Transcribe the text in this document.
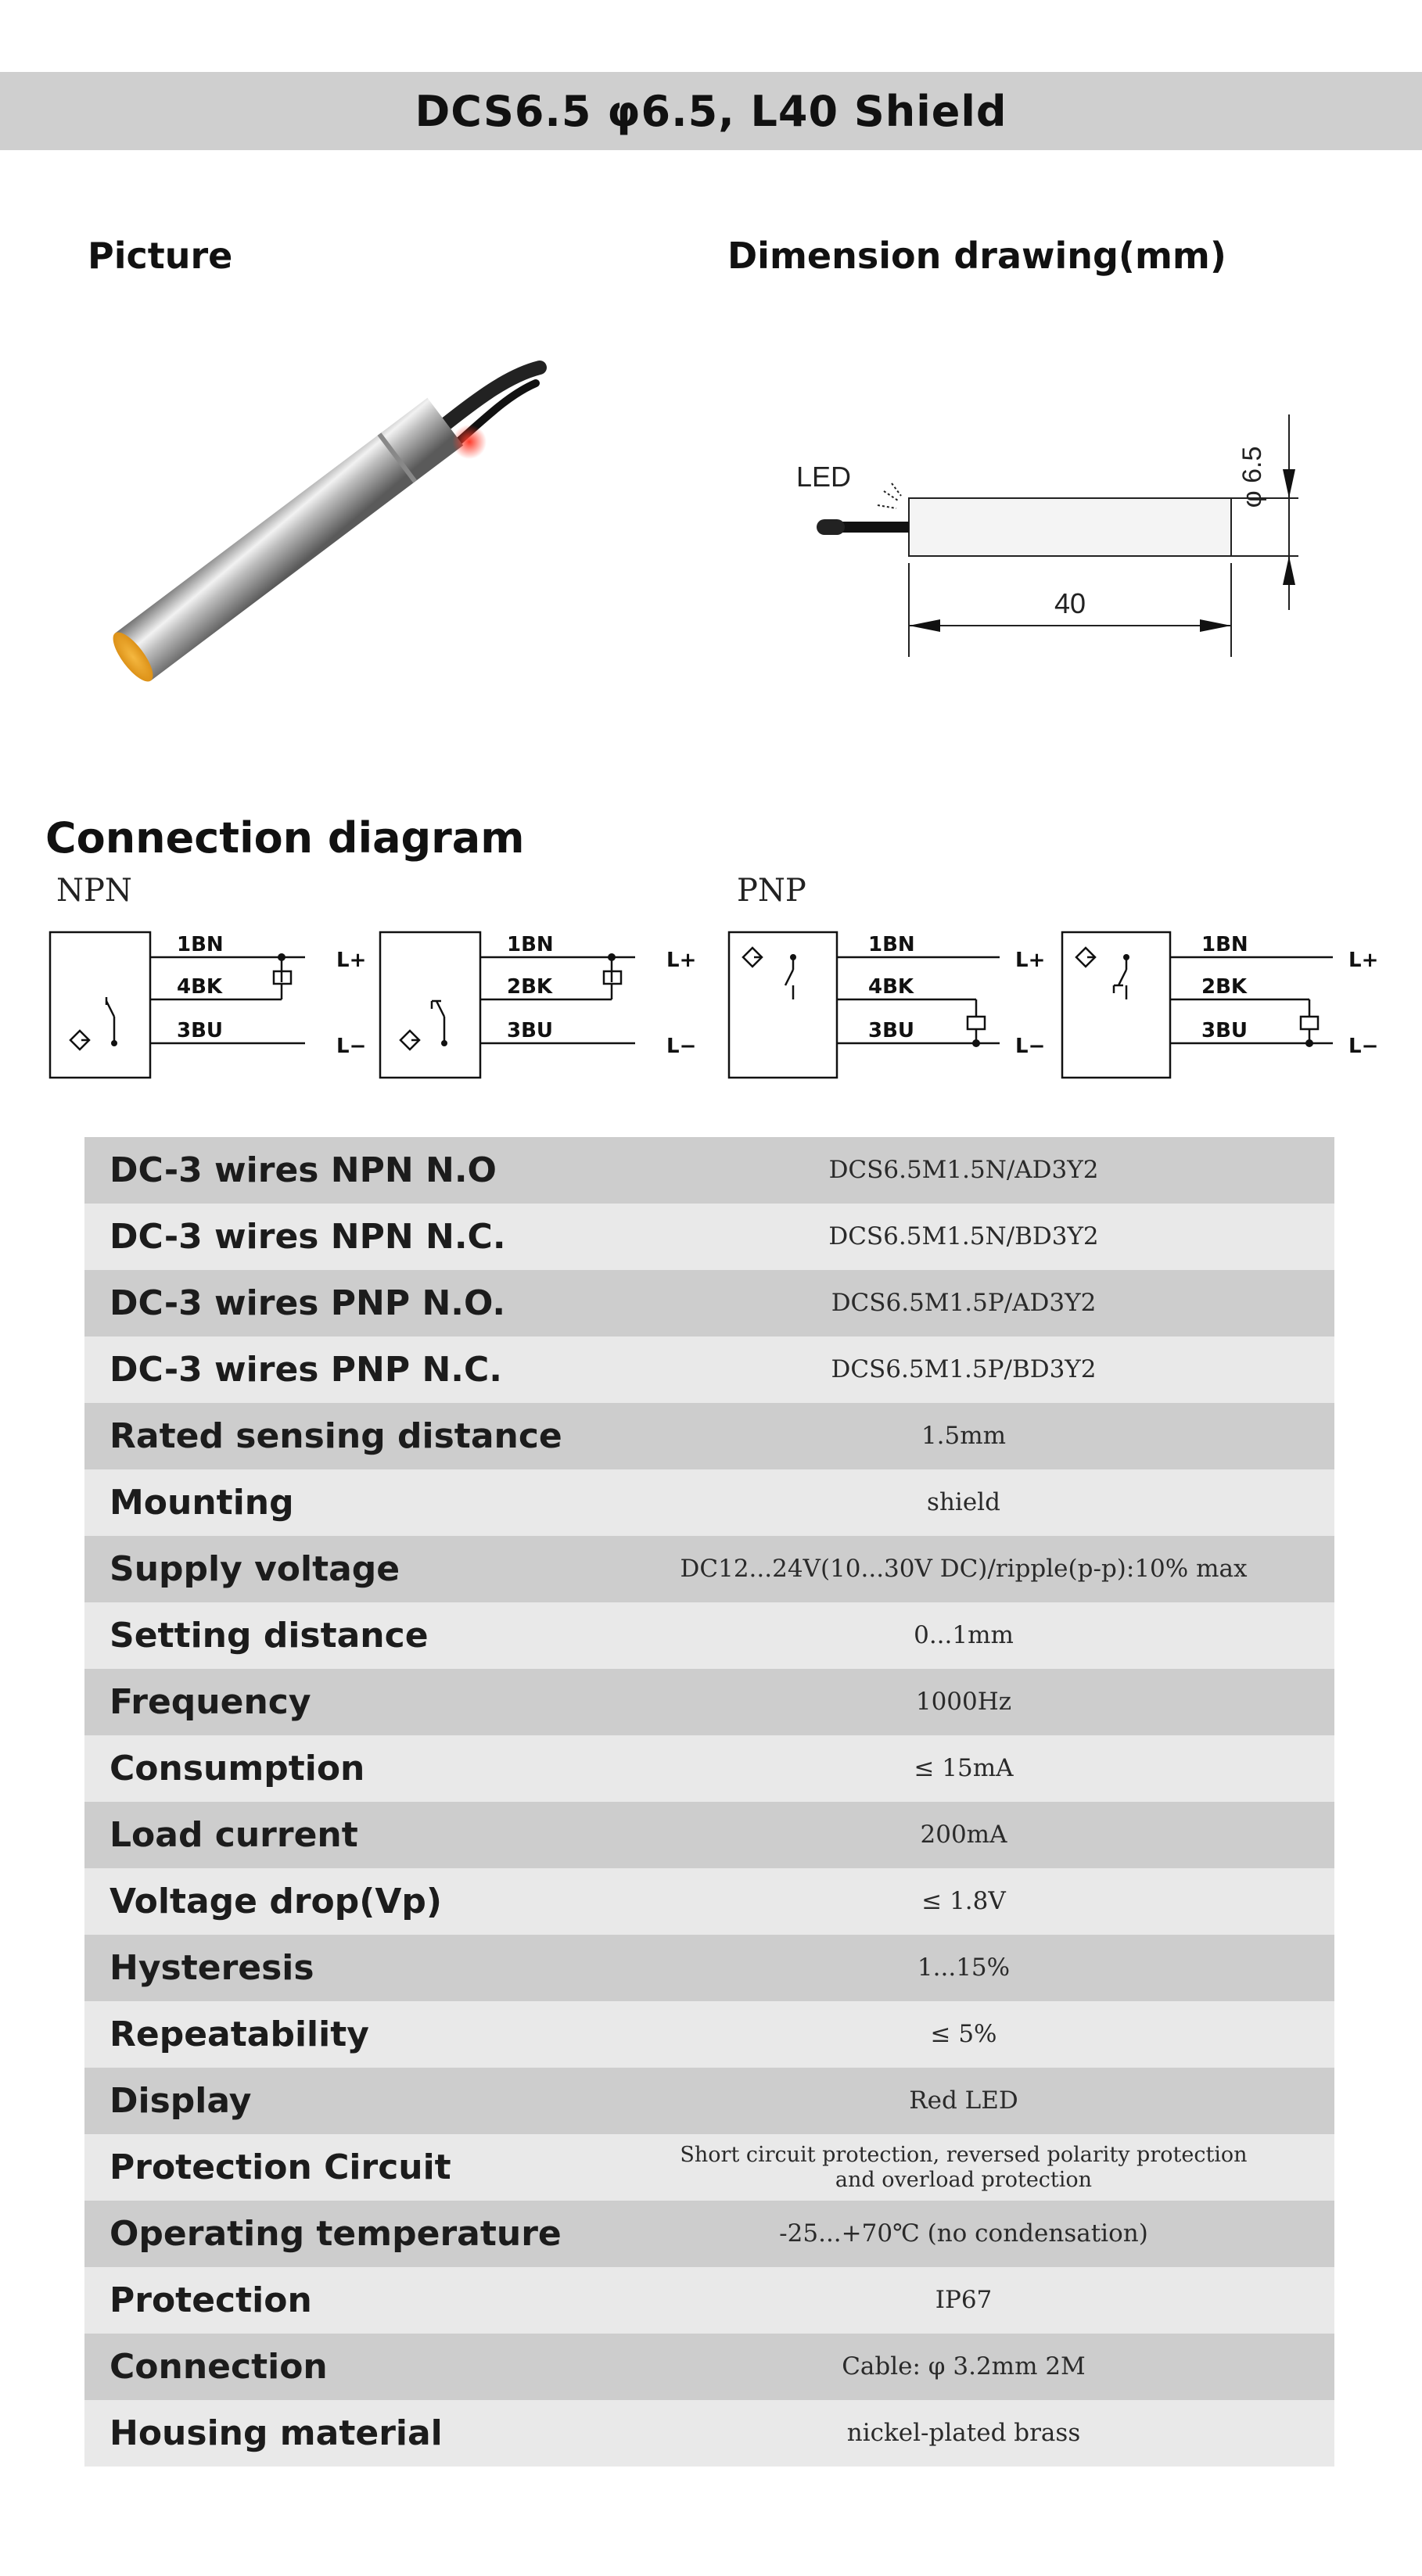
DCS6.5 φ6.5, L40 Shield
Picture	Dimension drawing(mm)
LED
40
φ 6.5
Connection diagram
NPN	PNP
1BN
4BK
3BU
L+
L−
1BN
2BK
3BU
L+
L−
1BN
4BK
3BU
L+
L−
1BN
2BK
3BU
L+
L−
DC-3 wires NPN N.O	DCS6.5M1.5N/AD3Y2
DC-3 wires NPN N.C.	DCS6.5M1.5N/BD3Y2
DC-3 wires PNP N.O.	DCS6.5M1.5P/AD3Y2
DC-3 wires PNP N.C.	DCS6.5M1.5P/BD3Y2
Rated sensing distance	1.5mm
Mounting	shield
Supply voltage	DC12...24V(10...30V DC)/ripple(p-p):10% max
Setting distance	0...1mm
Frequency	1000Hz
Consumption	≤ 15mA
Load current	200mA
Voltage drop(Vp)	≤ 1.8V
Hysteresis	1...15%
Repeatability	≤ 5%
Display	Red LED
Protection Circuit	Short circuit protection, reversed polarity protection
and overload protection
Operating temperature	-25...+70℃ (no condensation)
Protection	IP67
Connection	Cable: φ 3.2mm 2M
Housing material	nickel-plated brass
